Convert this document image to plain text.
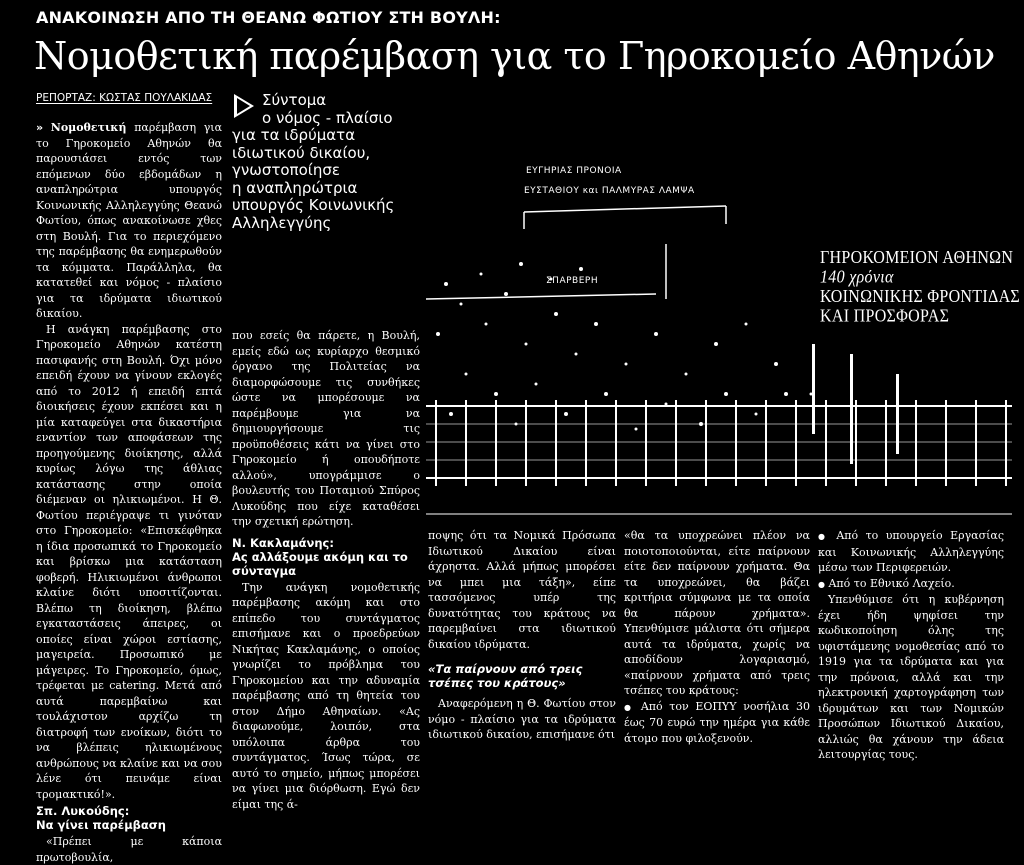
ΑΝΑΚΟΙΝΩΣΗ ΑΠΟ ΤΗ ΘΕΑΝΩ ΦΩΤΙΟΥ ΣΤΗ ΒΟΥΛΗ:
Νομοθετική παρέμβαση για το Γηροκομείο Αθηνών
ΡΕΠΟΡΤΑΖ: ΚΩΣΤΑΣ ΠΟΥΛΑΚΙΔΑΣ

» Νομοθετική παρέμβαση για το Γηροκομείο Αθηνών θα παρουσιάσει εντός των επόμενων δύο εβδομάδων η αναπληρώτρια υπουργός Κοινωνικής Αλληλεγγύης Θεανώ Φωτίου, όπως ανακοίνωσε χθες στη Βουλή. Για το περιεχόμενο της παρέμβασης θα ενημερωθούν τα κόμματα. Παράλληλα, θα κατατεθεί και νόμος - πλαίσιο για τα ιδρύματα ιδιωτικού δικαίου.

Η ανάγκη παρέμβασης στο Γηροκομείο Αθηνών κατέστη πασιφανής στη Βουλή. Όχι μόνο επειδή έχουν να γίνουν εκλογές από το 2012 ή επειδή επτά διοικήσεις έχουν εκπέσει και η μία καταφεύγει στα δικαστήρια εναντίον των αποφάσεων της προηγούμενης διοίκησης, αλλά κυρίως λόγω της άθλιας κατάστασης στην οποία διέμεναν οι ηλικιωμένοι. Η Θ. Φωτίου περιέγραψε τι γινόταν στο Γηροκομείο: «Επισκέφθηκα η ίδια προσωπικά το Γηροκομείο και βρίσκω μια κατάσταση φοβερή. Ηλικιωμένοι άνθρωποι κλαίνε διότι υποσιτίζονται. Βλέπω τη διοίκηση, βλέπω εγκαταστάσεις άπειρες, οι οποίες είναι χώροι εστίασης, μαγειρεία. Προσωπικό με μάγειρες. Το Γηροκομείο, όμως, τρέφεται με catering. Μετά από αυτά παρεμβαίνω και τουλάχιστον αρχίζω τη διατροφή των ενοίκων, διότι το να βλέπεις ηλικιωμένους ανθρώπους να κλαίνε και να σου λένε ότι πεινάμε είναι τρομακτικό!».

Σπ. Λυκούδης:
Να γίνει παρέμβαση

«Πρέπει με κάποια πρωτοβουλία,

Σύντομα
ο νόμος - πλαίσιο
για τα ιδρύματα
ιδιωτικού δικαίου,
γνωστοποίησε
η αναπληρώτρια
υπουργός Κοινωνικής
Αλληλεγγύης
ΕΥΓΗΡΙΑΣ ΠΡΟΝΟΙΑ
ΕΥΣΤΑΘΙΟΥ και ΠΑΛΜΥΡΑΣ ΛΑΜΨΑ
ΣΠΑΡΒΕΡΗ
ΓΗΡΟΚΟΜΕΙΟΝ ΑΘΗΝΩΝ
140 χρόνια
ΚΟΙΝΩΝΙΚΗΣ ΦΡΟΝΤΙΔΑΣ
ΚΑΙ ΠΡΟΣΦΟΡΑΣ

που εσείς θα πάρετε, η Βουλή, εμείς εδώ ως κυρίαρχο θεσμικό όργανο της Πολιτείας να διαμορφώσουμε τις συνθήκες ώστε να μπορέσουμε να παρέμβουμε για να δημιουργήσουμε τις προϋποθέσεις κάτι να γίνει στο Γηροκομείο ή οπουδήποτε αλλού», υπογράμμισε ο βουλευτής του Ποταμιού Σπύρος Λυκούδης που είχε καταθέσει την σχετική ερώτηση.

Ν. Κακλαμάνης:
Ας αλλάξουμε ακόμη και το σύνταγμα

Την ανάγκη νομοθετικής παρέμβασης ακόμη και στο επίπεδο του συντάγματος επισήμανε και ο προεδρεύων Νικήτας Κακλαμάνης, ο οποίος γνωρίζει το πρόβλημα του Γηροκομείου και την αδυναμία παρέμβασης από τη θητεία του στον Δήμο Αθηναίων. «Ας διαφωνούμε, λοιπόν, στα υπόλοιπα άρθρα του συντάγματος. Ίσως τώρα, σε αυτό το σημείο, μήπως μπορέσει να γίνει μια διόρθωση. Εγώ δεν είμαι της ά-

ποψης ότι τα Νομικά Πρόσωπα Ιδιωτικού Δικαίου είναι άχρηστα. Αλλά μήπως μπορέσει να μπει μια τάξη», είπε τασσόμενος υπέρ της δυνατότητας του κράτους να παρεμβαίνει στα ιδιωτικού δικαίου ιδρύματα.

«Τα παίρνουν από τρεις τσέπες του κράτους»

Αναφερόμενη η Θ. Φωτίου στον νόμο - πλαίσιο για τα ιδρύματα ιδιωτικού δικαίου, επισήμανε ότι

«θα τα υποχρεώνει πλέον να ποιοτοποιούνται, είτε παίρνουν είτε δεν παίρνουν χρήματα. Θα τα υποχρεώνει, θα βάζει κριτήρια σύμφωνα με τα οποία θα πάρουν χρήματα». Υπενθύμισε μάλιστα ότι σήμερα αυτά τα ιδρύματα, χωρίς να αποδίδουν λογαριασμό, «παίρνουν χρήματα από τρεις τσέπες του κράτους:

● Από τον ΕΟΠΥΥ νοσήλια 30 έως 70 ευρώ την ημέρα για κάθε άτομο που φιλοξενούν.

● Από το υπουργείο Εργασίας και Κοινωνικής Αλληλεγγύης μέσω των Περιφερειών.

● Από το Εθνικό Λαχείο.

Υπενθύμισε ότι η κυβέρνηση έχει ήδη ψηφίσει την κωδικοποίηση όλης της υφιστάμενης νομοθεσίας από το 1919 για τα ιδρύματα και για την πρόνοια, αλλά και την ηλεκτρονική χαρτογράφηση των ιδρυμάτων και των Νομικών Προσώπων Ιδιωτικού Δικαίου, αλλιώς θα χάνουν την άδεια λειτουργίας τους.
